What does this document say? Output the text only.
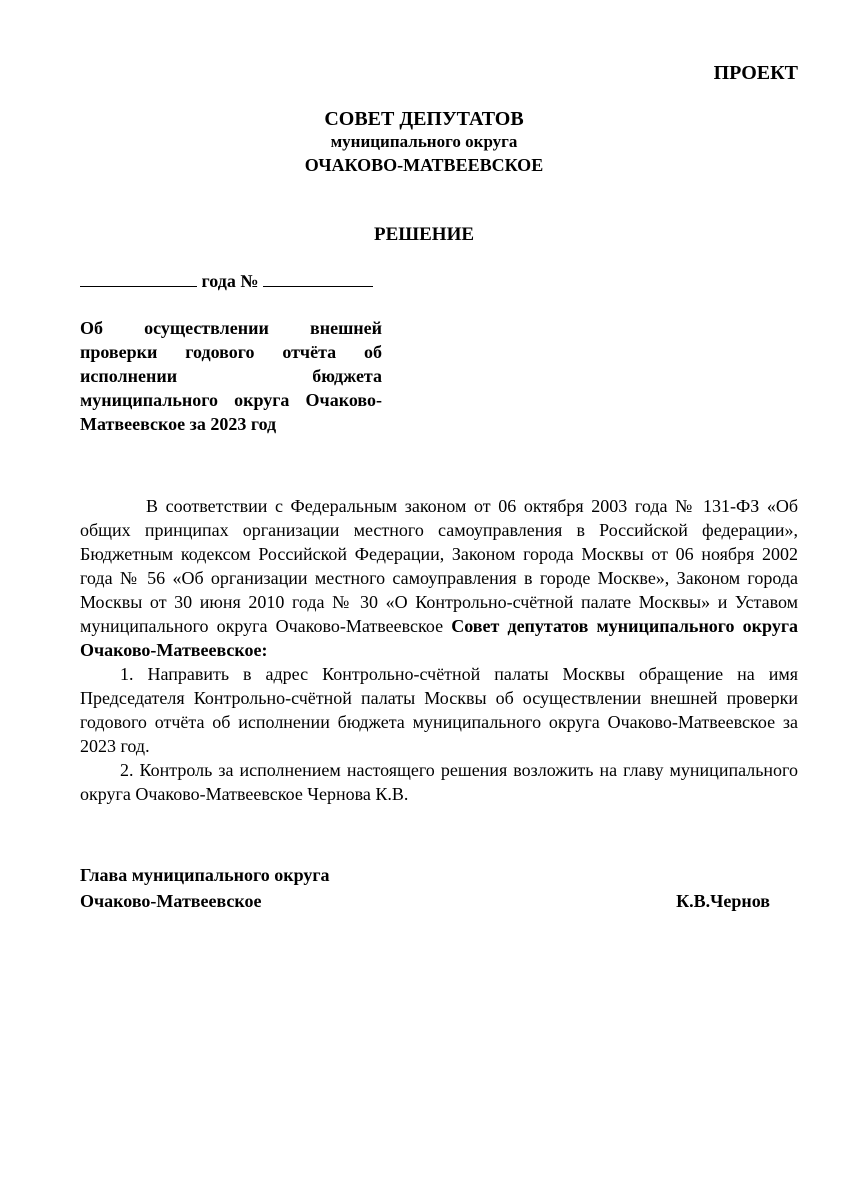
ПРОЕКТ
СОВЕТ ДЕПУТАТОВ
муниципального округа
ОЧАКОВО-МАТВЕЕВСКОЕ
РЕШЕНИЕ
года №
Об осуществлении внешней проверки годового отчёта об исполнении бюджета муниципального округа Очаково-Матвеевское за 2023 год

В соответствии с Федеральным законом от 06 октября 2003 года № 131-ФЗ «Об общих принципах организации местного самоуправления в Российской федерации», Бюджетным кодексом Российской Федерации, Законом города Москвы от 06 ноября 2002 года № 56 «Об организации местного самоуправления в городе Москве», Законом города Москвы от 30 июня 2010 года № 30 «О Контрольно-счётной палате Москвы» и Уставом муниципального округа Очаково-Матвеевское Совет депутатов муниципального округа Очаково-Матвеевское:

1. Направить в адрес Контрольно-счётной палаты Москвы обращение на имя Председателя Контрольно-счётной палаты Москвы об осуществлении внешней проверки годового отчёта об исполнении бюджета муниципального округа Очаково-Матвеевское за 2023 год.

2. Контроль за исполнением настоящего решения возложить на главу муниципального округа Очаково-Матвеевское Чернова К.В.

Глава муниципального округа
Очаково-Матвеевское	К.В.Чернов
